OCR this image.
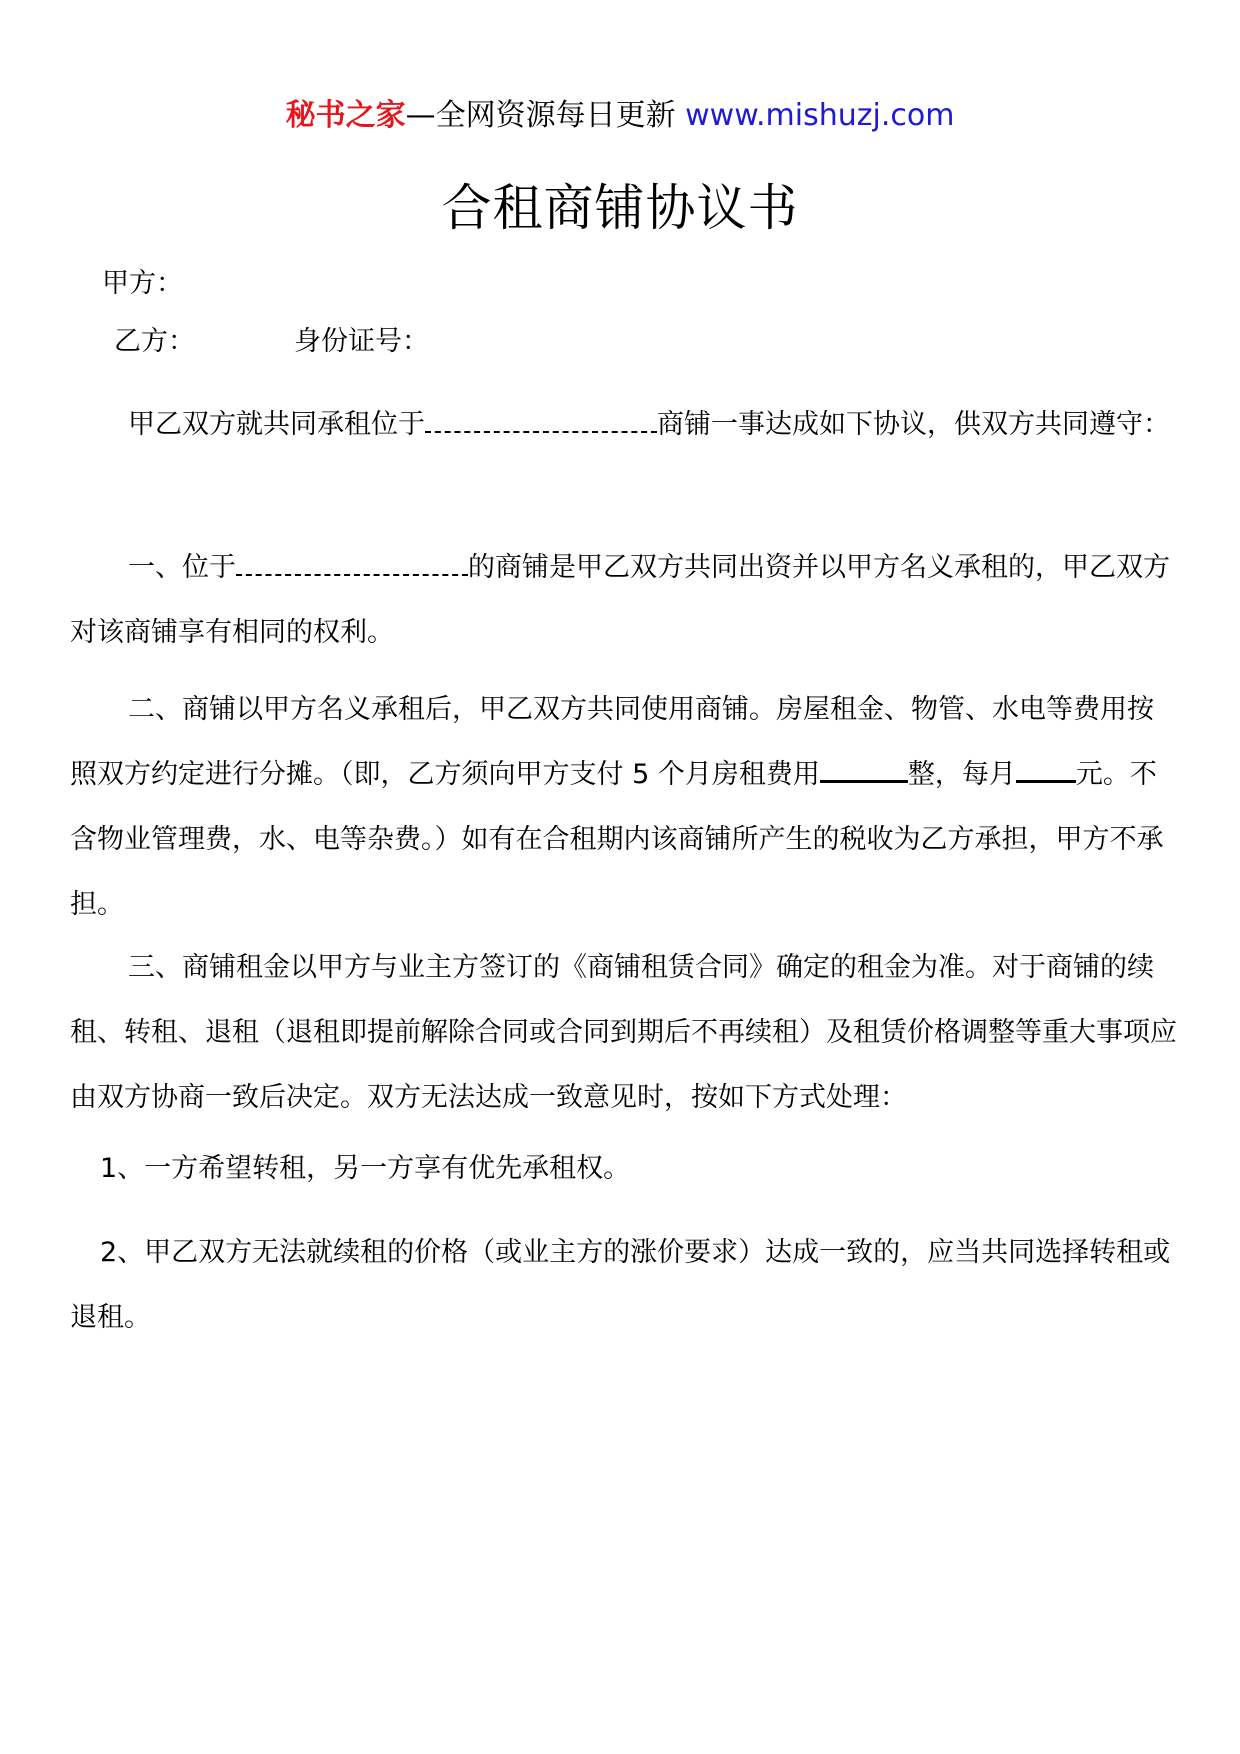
秘书之家—全网资源每日更新 www.mishuzj.com
合租商铺协议书
甲方：
乙方：	身份证号：
甲乙双方就共同承租位于	商铺一事达成如下协议，供双方共同遵守：
一、位于	的商铺是甲乙双方共同出资并以甲方名义承租的，甲乙双方对该商铺享有相同的权利。
二、商铺以甲方名义承租后，甲乙双方共同使用商铺。房屋租金、物管、水电等费用按照双方约定进行分摊。（即，乙方须向甲方支付 5 个月房租费用	整，每月 元。不含物业管理费，水、电等杂费。）如有在合租期内该商铺所产生的税收为乙方承担，甲方不承担。
三、商铺租金以甲方与业主方签订的《商铺租赁合同》确定的租金为准。对于商铺的续租、转租、退租（退租即提前解除合同或合同到期后不再续租）及租赁价格调整等重大事项应由双方协商一致后决定。双方无法达成一致意见时，按如下方式处理：
1、一方希望转租，另一方享有优先承租权。
2、甲乙双方无法就续租的价格（或业主方的涨价要求）达成一致的，应当共同选择转租或退租。
